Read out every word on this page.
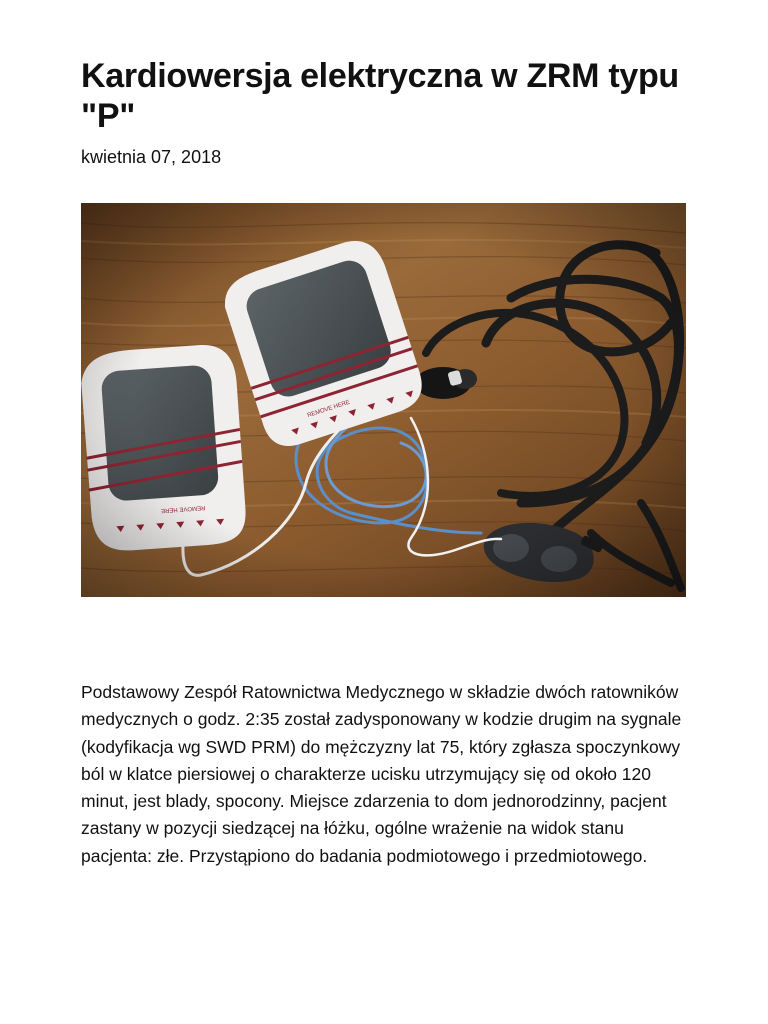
Kardiowersja elektryczna w ZRM typu "P"
kwietnia 07, 2018

Podstawowy Zespół Ratownictwa Medycznego w składzie dwóch ratowników medycznych o godz. 2:35 został zadysponowany w kodzie drugim na sygnale (kodyfikacja wg SWD PRM) do mężczyzny lat 75, który zgłasza spoczynkowy ból w klatce piersiowej o charakterze ucisku utrzymujący się od około 120 minut, jest blady, spocony. Miejsce zdarzenia to dom jednorodzinny, pacjent zastany w pozycji siedzącej na łóżku, ogólne wrażenie na widok stanu pacjenta: złe. Przystąpiono do badania podmiotowego i przedmiotowego.
